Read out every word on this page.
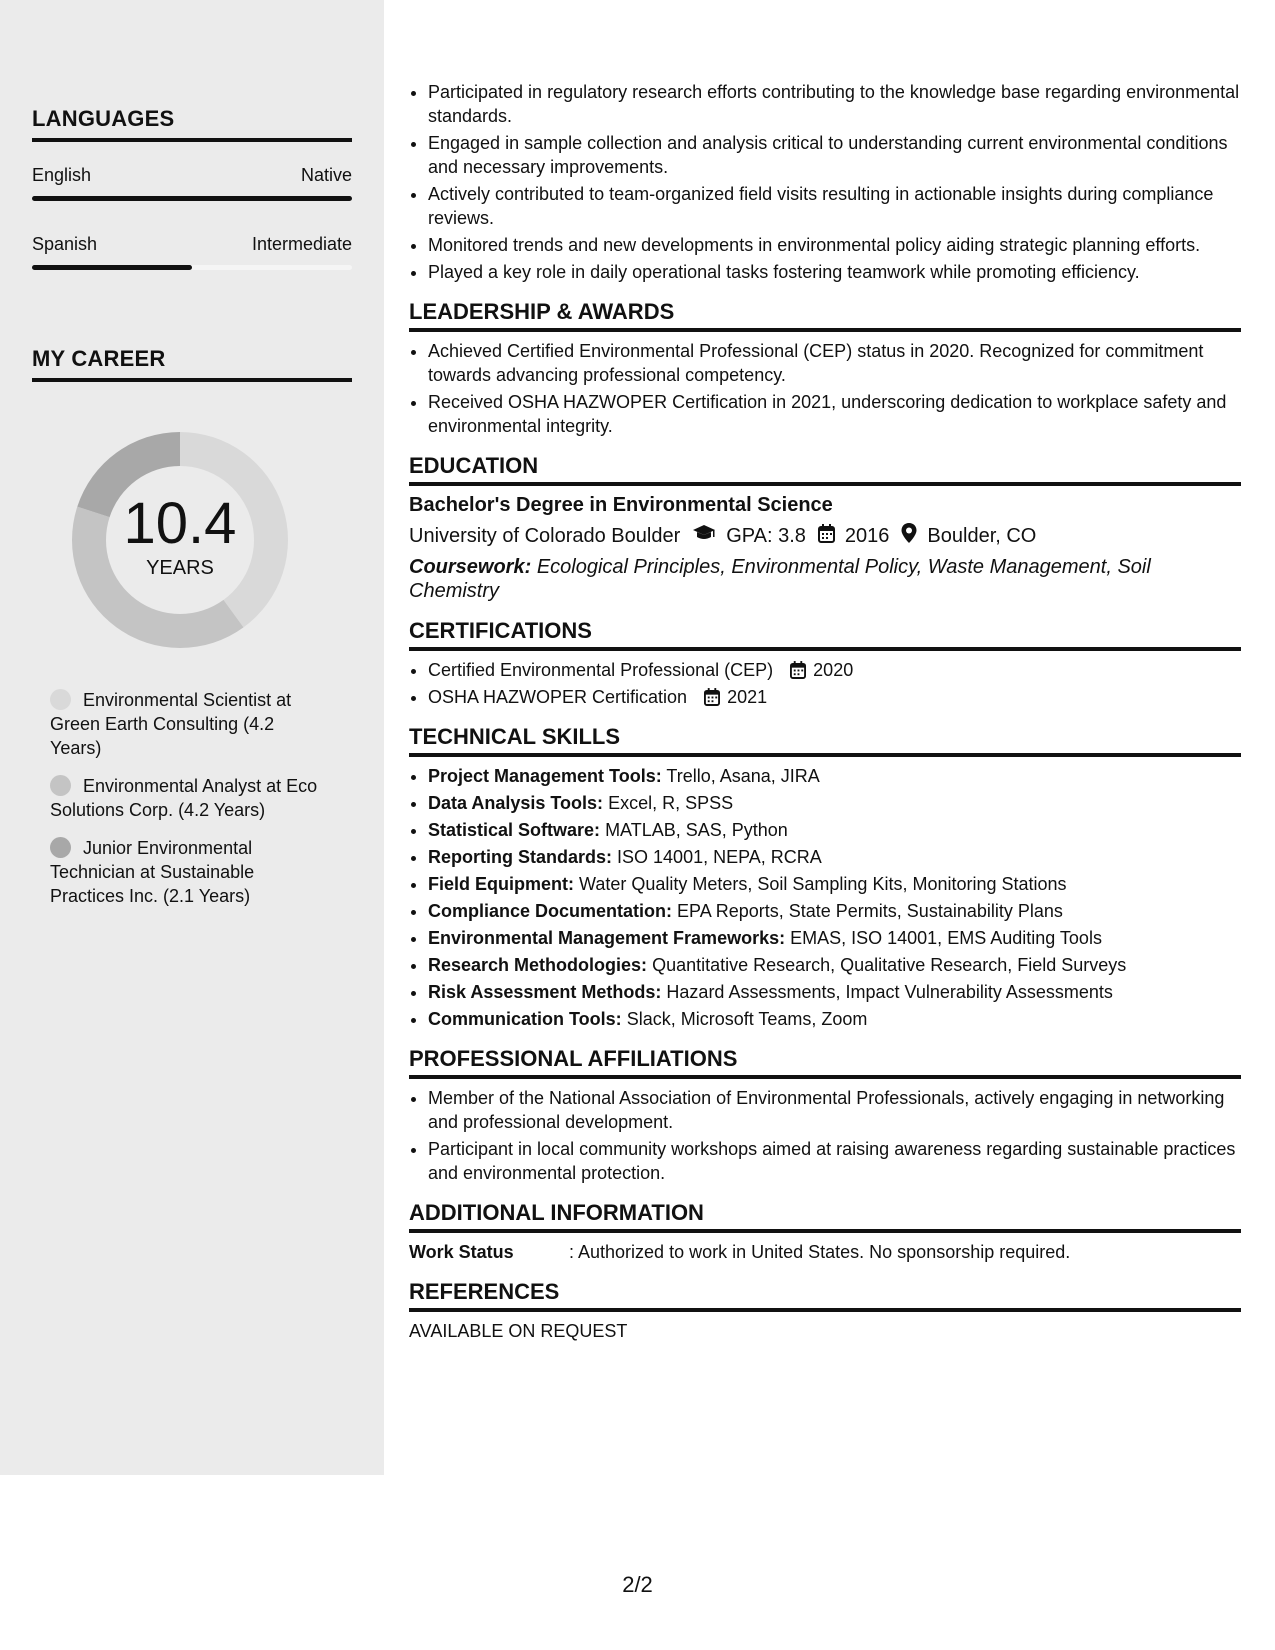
LANGUAGES
English	Native
Spanish	Intermediate
MY CAREER
10.4
YEARS
Environmental Scientist at Green Earth Consulting (4.2 Years)
Environmental Analyst at Eco Solutions Corp. (4.2 Years)
Junior Environmental Technician at Sustainable Practices Inc. (2.1 Years)
• Participated in regulatory research efforts contributing to the knowledge base regarding environmental standards.
• Engaged in sample collection and analysis critical to understanding current environmental conditions and necessary improvements.
• Actively contributed to team-organized field visits resulting in actionable insights during compliance reviews.
• Monitored trends and new developments in environmental policy aiding strategic planning efforts.
• Played a key role in daily operational tasks fostering teamwork while promoting efficiency.
LEADERSHIP & AWARDS
• Achieved Certified Environmental Professional (CEP) status in 2020. Recognized for commitment towards advancing professional competency.
• Received OSHA HAZWOPER Certification in 2021, underscoring dedication to workplace safety and environmental integrity.
EDUCATION
Bachelor's Degree in Environmental Science
University of Colorado Boulder GPA: 3.8 2016 Boulder, CO
Coursework: Ecological Principles, Environmental Policy, Waste Management, Soil Chemistry
CERTIFICATIONS
• Certified Environmental Professional (CEP) 2020
• OSHA HAZWOPER Certification 2021
TECHNICAL SKILLS
• Project Management Tools: Trello, Asana, JIRA
• Data Analysis Tools: Excel, R, SPSS
• Statistical Software: MATLAB, SAS, Python
• Reporting Standards: ISO 14001, NEPA, RCRA
• Field Equipment: Water Quality Meters, Soil Sampling Kits, Monitoring Stations
• Compliance Documentation: EPA Reports, State Permits, Sustainability Plans
• Environmental Management Frameworks: EMAS, ISO 14001, EMS Auditing Tools
• Research Methodologies: Quantitative Research, Qualitative Research, Field Surveys
• Risk Assessment Methods: Hazard Assessments, Impact Vulnerability Assessments
• Communication Tools: Slack, Microsoft Teams, Zoom
PROFESSIONAL AFFILIATIONS
• Member of the National Association of Environmental Professionals, actively engaging in networking and professional development.
• Participant in local community workshops aimed at raising awareness regarding sustainable practices and environmental protection.
ADDITIONAL INFORMATION
Work Status	: Authorized to work in United States. No sponsorship required.
REFERENCES
AVAILABLE ON REQUEST
2/2
